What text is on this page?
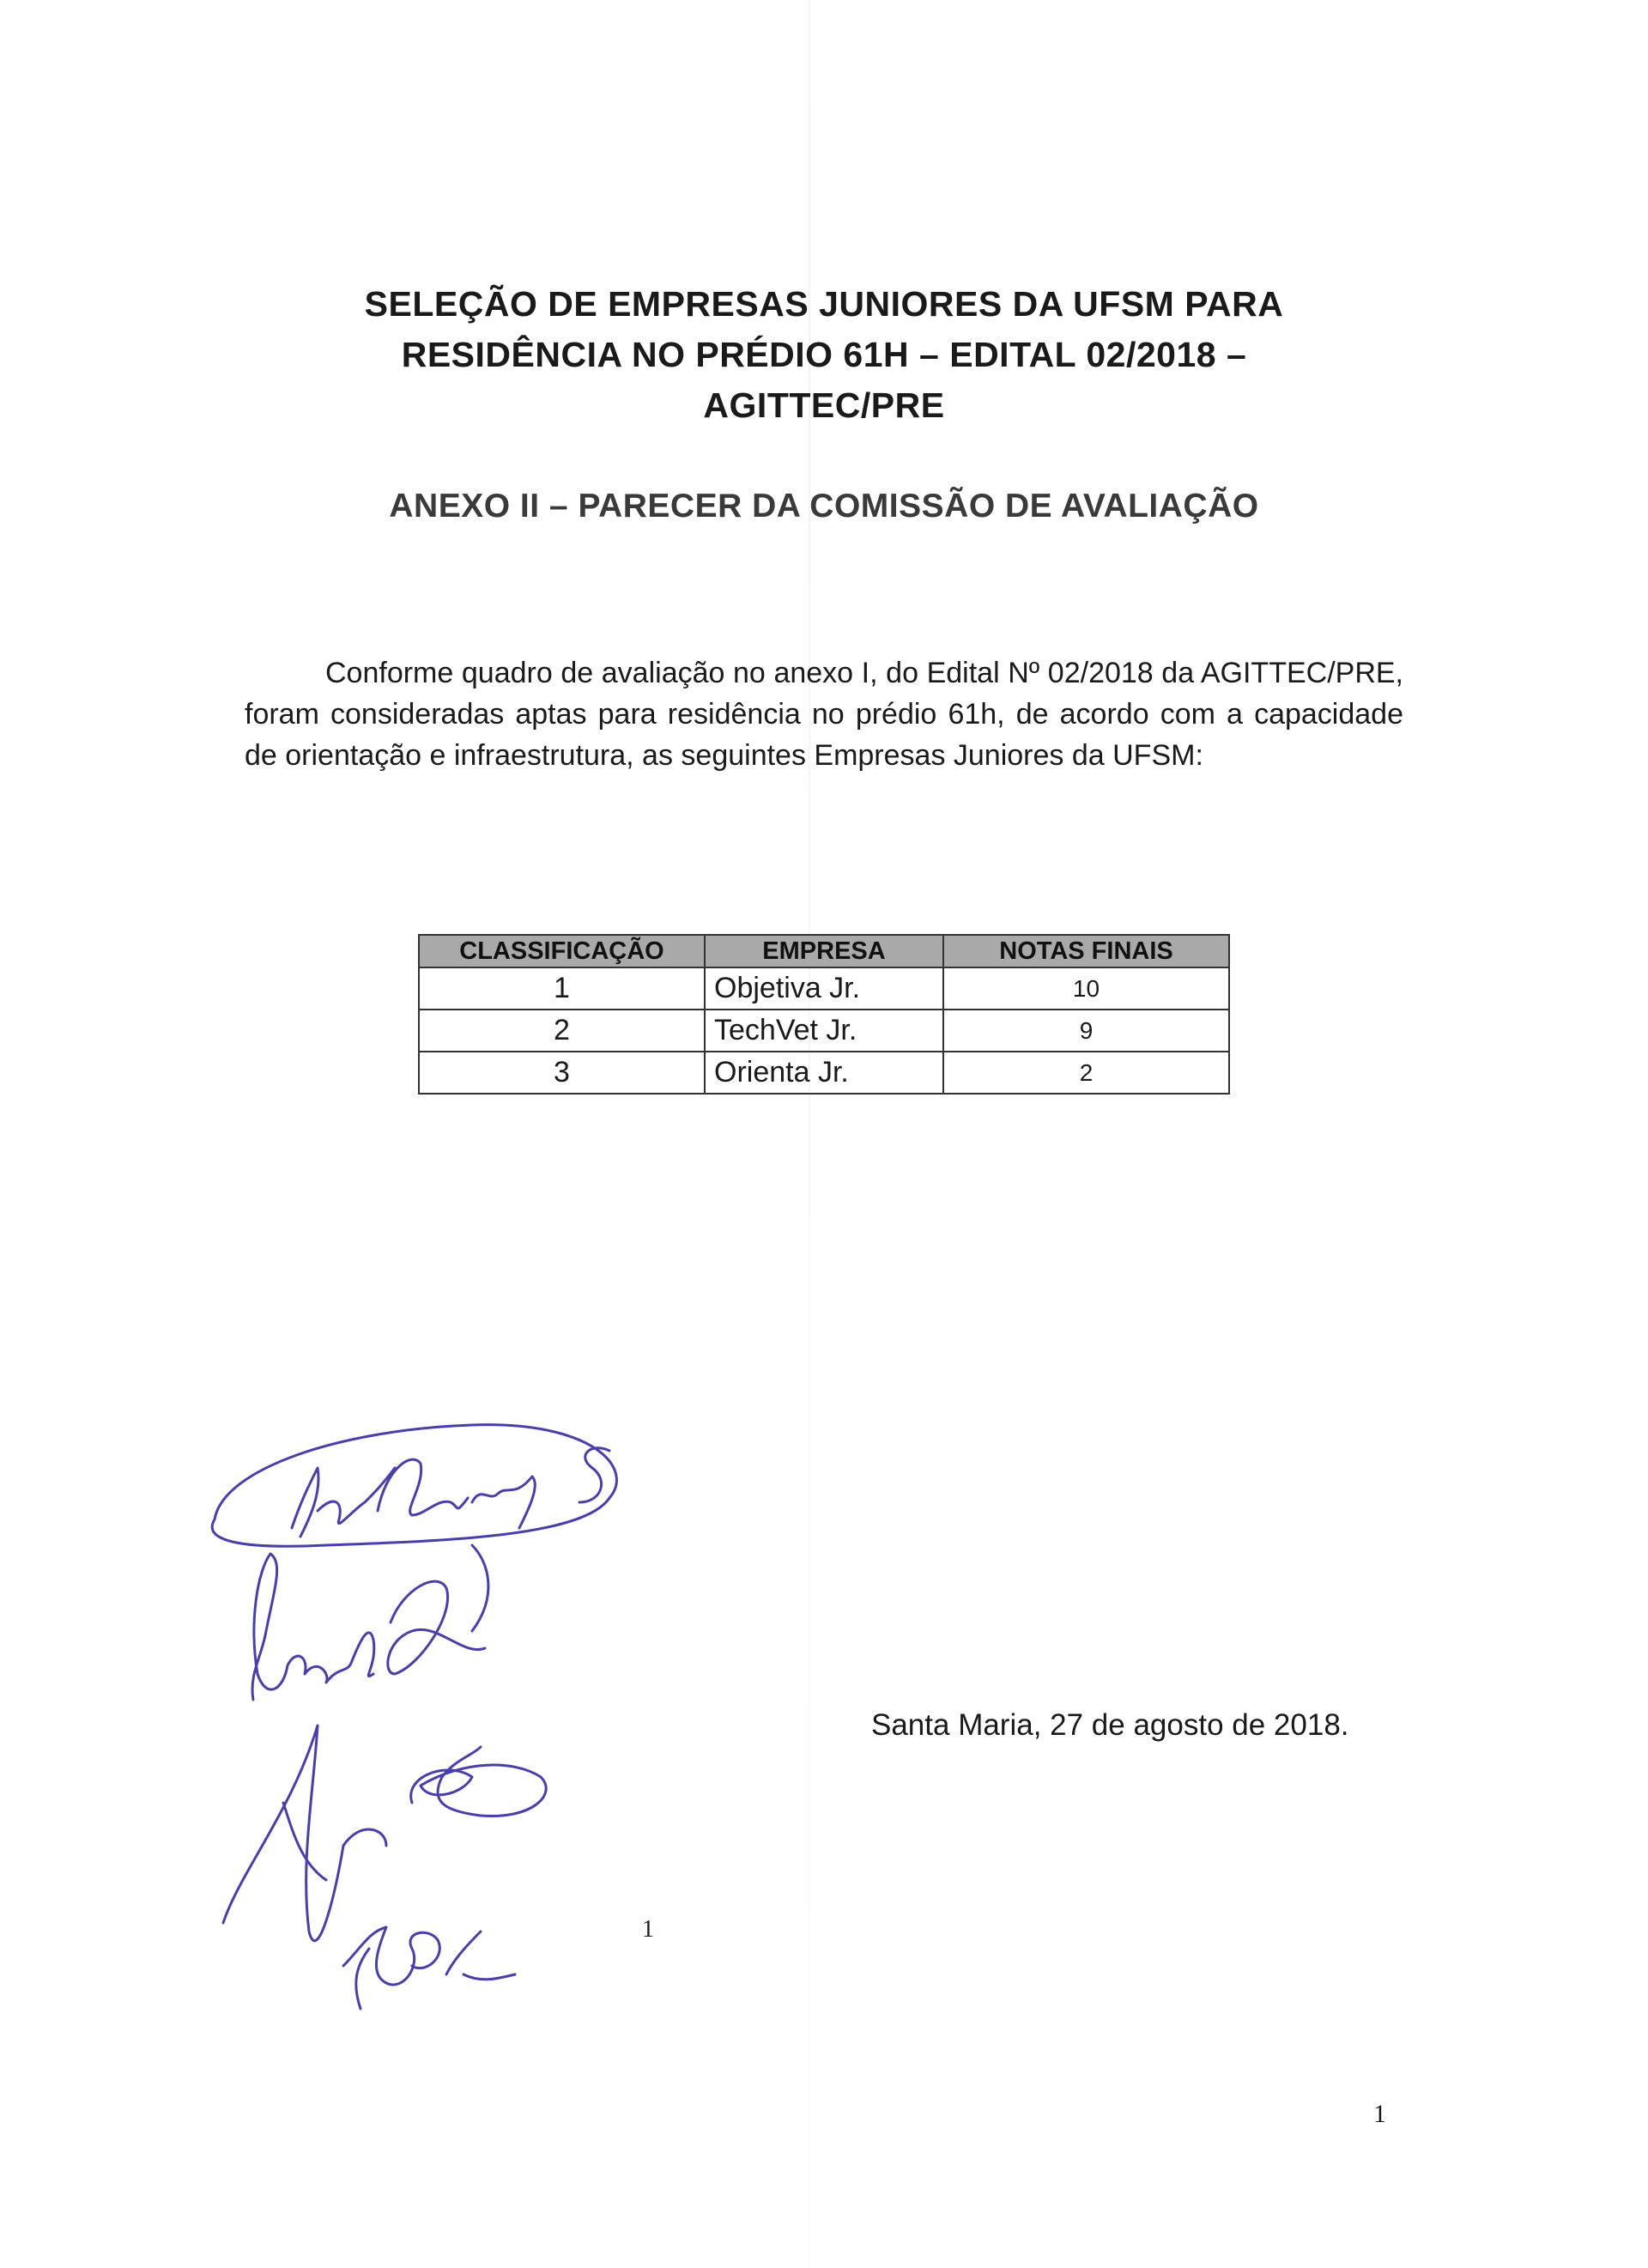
SELEÇÃO DE EMPRESAS JUNIORES DA UFSM PARA
RESIDÊNCIA NO PRÉDIO 61H – EDITAL 02/2018 –
AGITTEC/PRE
ANEXO II – PARECER DA COMISSÃO DE AVALIAÇÃO

Conforme quadro de avaliação no anexo I, do Edital Nº 02/2018 da AGITTEC/PRE, foram consideradas aptas para residência no prédio 61h, de acordo com a capacidade de orientação e infraestrutura, as seguintes Empresas Juniores da UFSM:

CLASSIFICAÇÃO	EMPRESA	NOTAS FINAIS
1	Objetiva Jr.	10
2	TechVet Jr.	9
3	Orienta Jr.	2
Santa Maria, 27 de agosto de 2018.
1
1
